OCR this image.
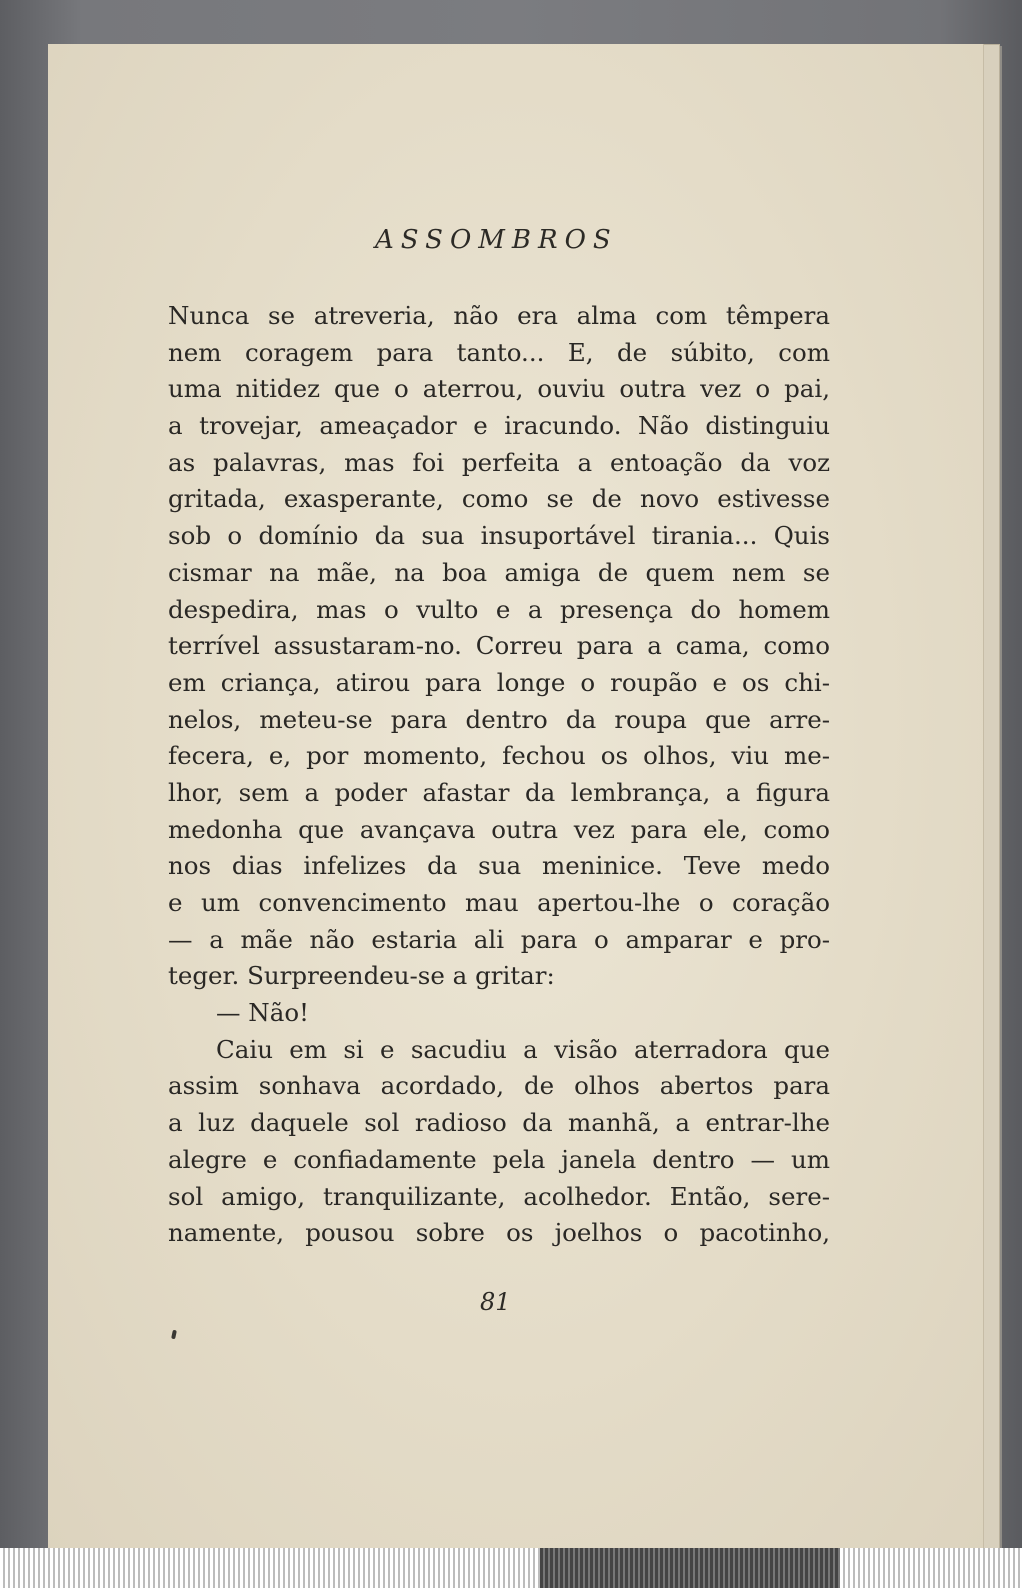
ASSOMBROS
Nunca se atreveria, não era alma com têmpera
nem coragem para tanto... E, de súbito, com
uma nitidez que o aterrou, ouviu outra vez o pai,
a trovejar, ameaçador e iracundo. Não distinguiu
as palavras, mas foi perfeita a entoação da voz
gritada, exasperante, como se de novo estivesse
sob o domínio da sua insuportável tirania... Quis
cismar na mãe, na boa amiga de quem nem se
despedira, mas o vulto e a presença do homem
terrível assustaram-no. Correu para a cama, como
em criança, atirou para longe o roupão e os chi-
nelos, meteu-se para dentro da roupa que arre-
fecera, e, por momento, fechou os olhos, viu me-
lhor, sem a poder afastar da lembrança, a figura
medonha que avançava outra vez para ele, como
nos dias infelizes da sua meninice. Teve medo
e um convencimento mau apertou-lhe o coração
— a mãe não estaria ali para o amparar e pro-
teger. Surpreendeu-se a gritar:
— Não!
Caiu em si e sacudiu a visão aterradora que
assim sonhava acordado, de olhos abertos para
a luz daquele sol radioso da manhã, a entrar-lhe
alegre e confiadamente pela janela dentro — um
sol amigo, tranquilizante, acolhedor. Então, sere-
namente, pousou sobre os joelhos o pacotinho,
81
